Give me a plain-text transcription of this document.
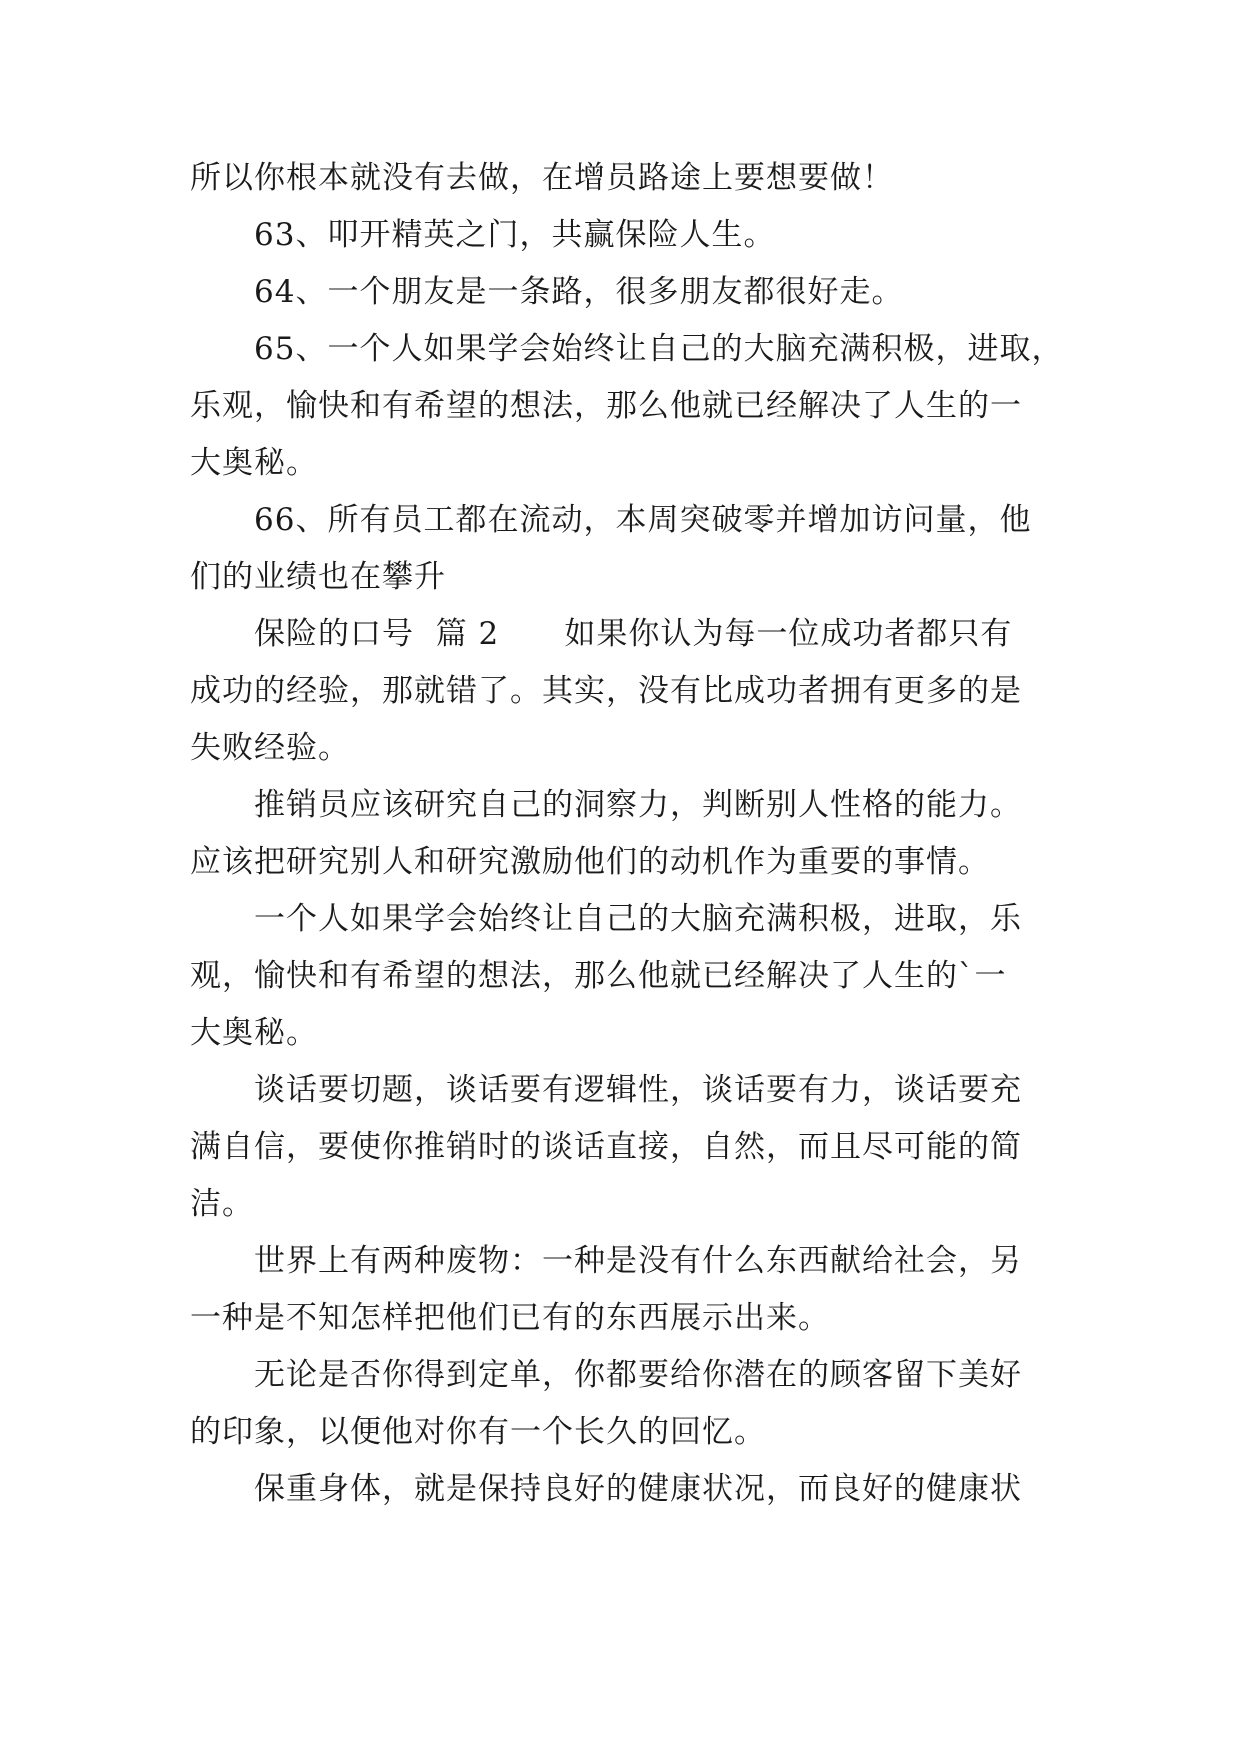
所以你根本就没有去做，在增员路途上要想要做！
63、叩开精英之门，共赢保险人生。
64、一个朋友是一条路，很多朋友都很好走。
65、一个人如果学会始终让自己的大脑充满积极，进取，
乐观，愉快和有希望的想法，那么他就已经解决了人生的一
大奥秘。
66、所有员工都在流动，本周突破零并增加访问量，他
们的业绩也在攀升
保险的口号  篇 2      如果你认为每一位成功者都只有
成功的经验，那就错了。其实，没有比成功者拥有更多的是
失败经验。
推销员应该研究自己的洞察力，判断别人性格的能力。
应该把研究别人和研究激励他们的动机作为重要的事情。
一个人如果学会始终让自己的大脑充满积极，进取，乐
观，愉快和有希望的想法，那么他就已经解决了人生的`一
大奥秘。
谈话要切题，谈话要有逻辑性，谈话要有力，谈话要充
满自信，要使你推销时的谈话直接，自然，而且尽可能的简
洁。
世界上有两种废物：一种是没有什么东西献给社会，另
一种是不知怎样把他们已有的东西展示出来。
无论是否你得到定单，你都要给你潜在的顾客留下美好
的印象，以便他对你有一个长久的回忆。
保重身体，就是保持良好的健康状况，而良好的健康状
